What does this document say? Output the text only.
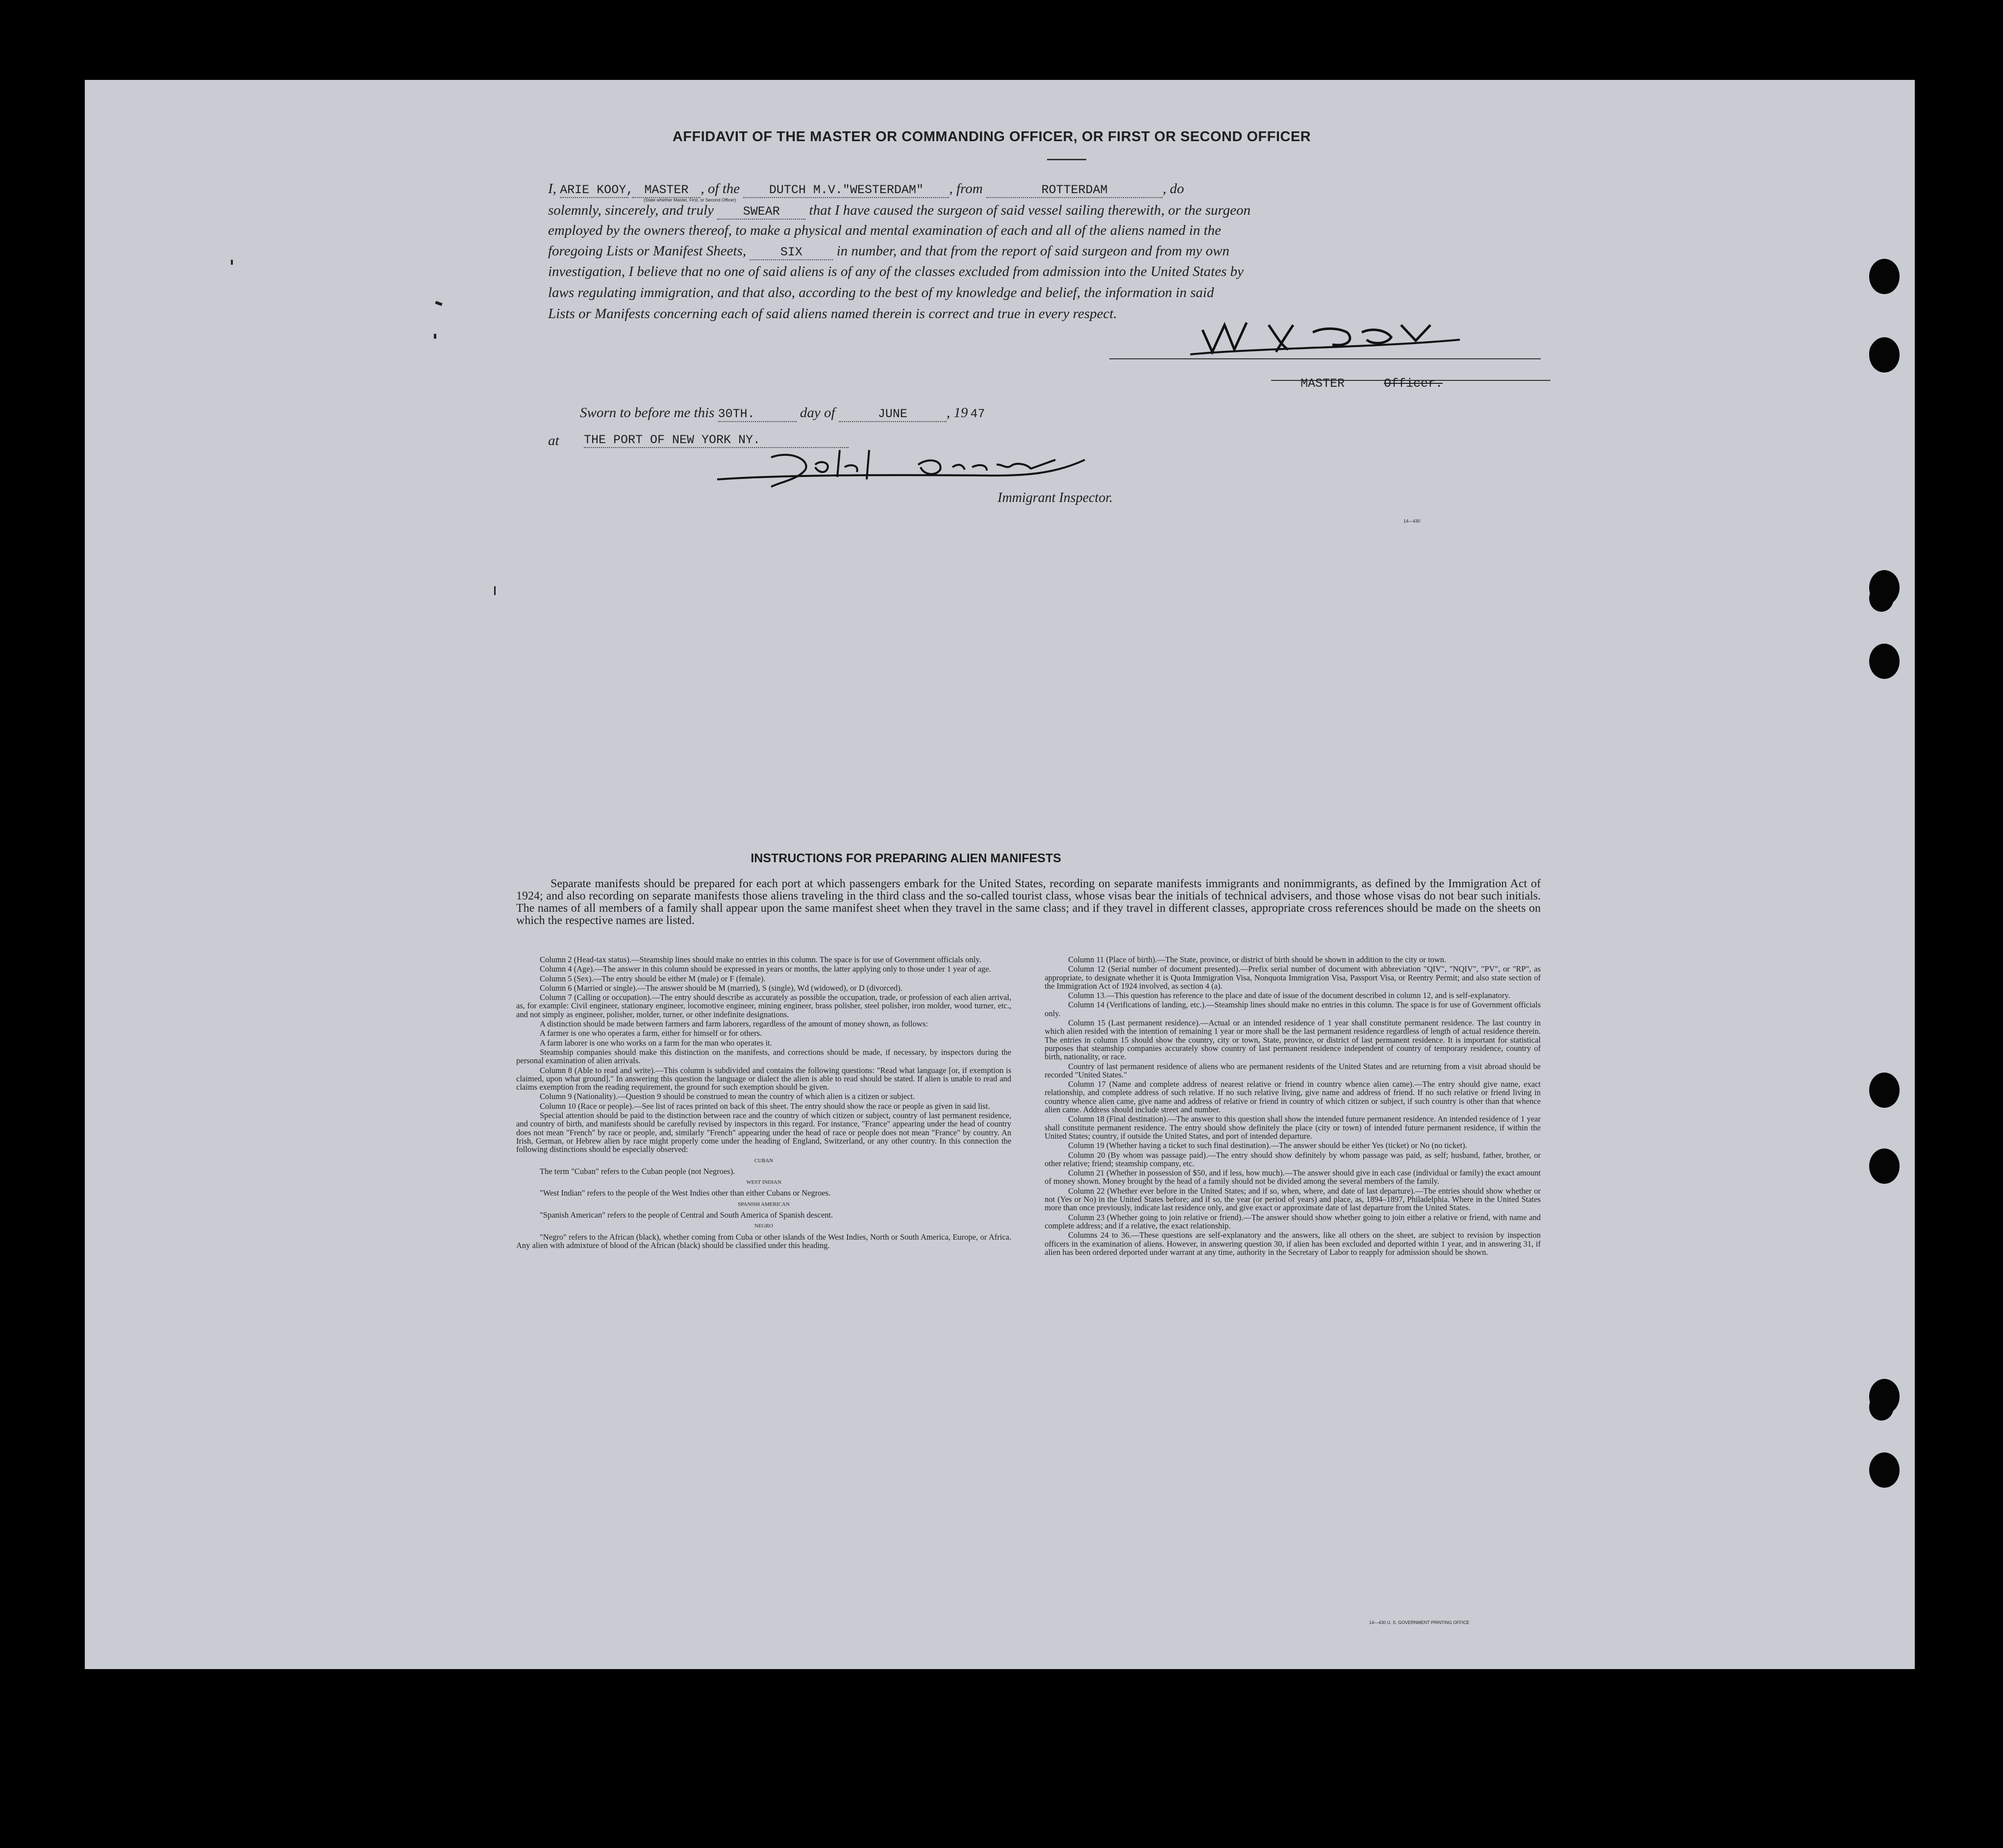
AFFIDAVIT OF THE MASTER OR COMMANDING OFFICER, OR FIRST OR SECOND OFFICER
I, ARIE KOOY, MASTER , of the DUTCH M.V."WESTERDAM" , from	ROTTERDAM	, do
(State whether Master, First, or Second Officer)
solemnly, sincerely, and truly SWEAR that I have caused the surgeon of said vessel sailing therewith, or the surgeon
employed by the owners thereof, to make a physical and mental examination of each and all of the aliens named in the
foregoing Lists or Manifest Sheets,	SIX in number, and that from the report of said surgeon and from my own
investigation, I believe that no one of said aliens is of any of the classes excluded from admission into the United States by
laws regulating immigration, and that also, according to the best of my knowledge and belief, the information in said
Lists or Manifests concerning each of said aliens named therein is correct and true in every respect.
MASTER	Officer.
Sworn to before me this 30TH.	day of	JUNE	, 19 47
at THE PORT OF NEW YORK NY.
Immigrant Inspector.
14—430
INSTRUCTIONS FOR PREPARING ALIEN MANIFESTS

Separate manifests should be prepared for each port at which passengers embark for the United States, recording on separate manifests immigrants and nonimmigrants, as defined by the Immigration Act of 1924; and also recording on separate manifests those aliens traveling in the third class and the so-called tourist class, whose visas bear the initials of technical advisers, and those whose visas do not bear such initials. The names of all members of a family shall appear upon the same manifest sheet when they travel in the same class; and if they travel in different classes, appropriate cross references should be made on the sheets on which the respective names are listed.

Column 2 (Head-tax status).—Steamship lines should make no entries in this column. The space is for use of Government officials only.

Column 4 (Age).—The answer in this column should be expressed in years or months, the latter applying only to those under 1 year of age.

Column 5 (Sex).—The entry should be either M (male) or F (female).

Column 6 (Married or single).—The answer should be M (married), S (single), Wd (widowed), or D (divorced).

Column 7 (Calling or occupation).—The entry should describe as accurately as possible the occupation, trade, or profession of each alien arrival, as, for example: Civil engineer, stationary engineer, locomotive engineer, mining engineer, brass polisher, steel polisher, iron molder, wood turner, etc., and not simply as engineer, polisher, molder, turner, or other indefinite designations.

A distinction should be made between farmers and farm laborers, regardless of the amount of money shown, as follows:

A farmer is one who operates a farm, either for himself or for others.

A farm laborer is one who works on a farm for the man who operates it.

Steamship companies should make this distinction on the manifests, and corrections should be made, if necessary, by inspectors during the personal examination of alien arrivals.

Column 8 (Able to read and write).—This column is subdivided and contains the following questions: "Read what language [or, if exemption is claimed, upon what ground]." In answering this question the language or dialect the alien is able to read should be stated. If alien is unable to read and claims exemption from the reading requirement, the ground for such exemption should be given.

Column 9 (Nationality).—Question 9 should be construed to mean the country of which alien is a citizen or subject.

Column 10 (Race or people).—See list of races printed on back of this sheet. The entry should show the race or people as given in said list.

Special attention should be paid to the distinction between race and the country of which citizen or subject, country of last permanent residence, and country of birth, and manifests should be carefully revised by inspectors in this regard. For instance, "France" appearing under the head of country does not mean "French" by race or people, and, similarly "French" appearing under the head of race or people does not mean "France" by country. An Irish, German, or Hebrew alien by race might properly come under the heading of England, Switzerland, or any other country. In this connection the following distinctions should be especially observed:

CUBAN

The term "Cuban" refers to the Cuban people (not Negroes).

WEST INDIAN

"West Indian" refers to the people of the West Indies other than either Cubans or Negroes.

SPANISH AMERICAN

"Spanish American" refers to the people of Central and South America of Spanish descent.

NEGRO

"Negro" refers to the African (black), whether coming from Cuba or other islands of the West Indies, North or South America, Europe, or Africa. Any alien with admixture of blood of the African (black) should be classified under this heading.

Column 11 (Place of birth).—The State, province, or district of birth should be shown in addition to the city or town.

Column 12 (Serial number of document presented).—Prefix serial number of document with abbreviation "QIV", "NQIV", "PV", or "RP", as appropriate, to designate whether it is Quota Immigration Visa, Nonquota Immigration Visa, Passport Visa, or Reentry Permit; and also state section of the Immigration Act of 1924 involved, as section 4 (a).

Column 13.—This question has reference to the place and date of issue of the document described in column 12, and is self-explanatory.

Column 14 (Verifications of landing, etc.).—Steamship lines should make no entries in this column. The space is for use of Government officials only.

Column 15 (Last permanent residence).—Actual or an intended residence of 1 year shall constitute permanent residence. The last country in which alien resided with the intention of remaining 1 year or more shall be the last permanent residence regardless of length of actual residence therein. The entries in column 15 should show the country, city or town, State, province, or district of last permanent residence. It is important for statistical purposes that steamship companies accurately show country of last permanent residence independent of country of temporary residence, country of birth, nationality, or race.

Country of last permanent residence of aliens who are permanent residents of the United States and are returning from a visit abroad should be recorded "United States."

Column 17 (Name and complete address of nearest relative or friend in country whence alien came).—The entry should give name, exact relationship, and complete address of such relative. If no such relative living, give name and address of friend. If no such relative or friend living in country whence alien came, give name and address of relative or friend in country of which citizen or subject, if such country is other than that whence alien came. Address should include street and number.

Column 18 (Final destination).—The answer to this question shall show the intended future permanent residence. An intended residence of 1 year shall constitute permanent residence. The entry should show definitely the place (city or town) of intended future permanent residence, if within the United States; country, if outside the United States, and port of intended departure.

Column 19 (Whether having a ticket to such final destination).—The answer should be either Yes (ticket) or No (no ticket).

Column 20 (By whom was passage paid).—The entry should show definitely by whom passage was paid, as self; husband, father, brother, or other relative; friend; steamship company, etc.

Column 21 (Whether in possession of $50, and if less, how much).—The answer should give in each case (individual or family) the exact amount of money shown. Money brought by the head of a family should not be divided among the several members of the family.

Column 22 (Whether ever before in the United States; and if so, when, where, and date of last departure).—The entries should show whether or not (Yes or No) in the United States before; and if so, the year (or period of years) and place, as, 1894–1897, Philadelphia. Where in the United States more than once previously, indicate last residence only, and give exact or approximate date of last departure from the United States.

Column 23 (Whether going to join relative or friend).—The answer should show whether going to join either a relative or friend, with name and complete address; and if a relative, the exact relationship.

Columns 24 to 36.—These questions are self-explanatory and the answers, like all others on the sheet, are subject to revision by inspection officers in the examination of aliens. However, in answering question 30, if alien has been excluded and deported within 1 year, and in answering 31, if alien has been ordered deported under warrant at any time, authority in the Secretary of Labor to reapply for admission should be shown.

14—430 U. S. GOVERNMENT PRINTING OFFICE
